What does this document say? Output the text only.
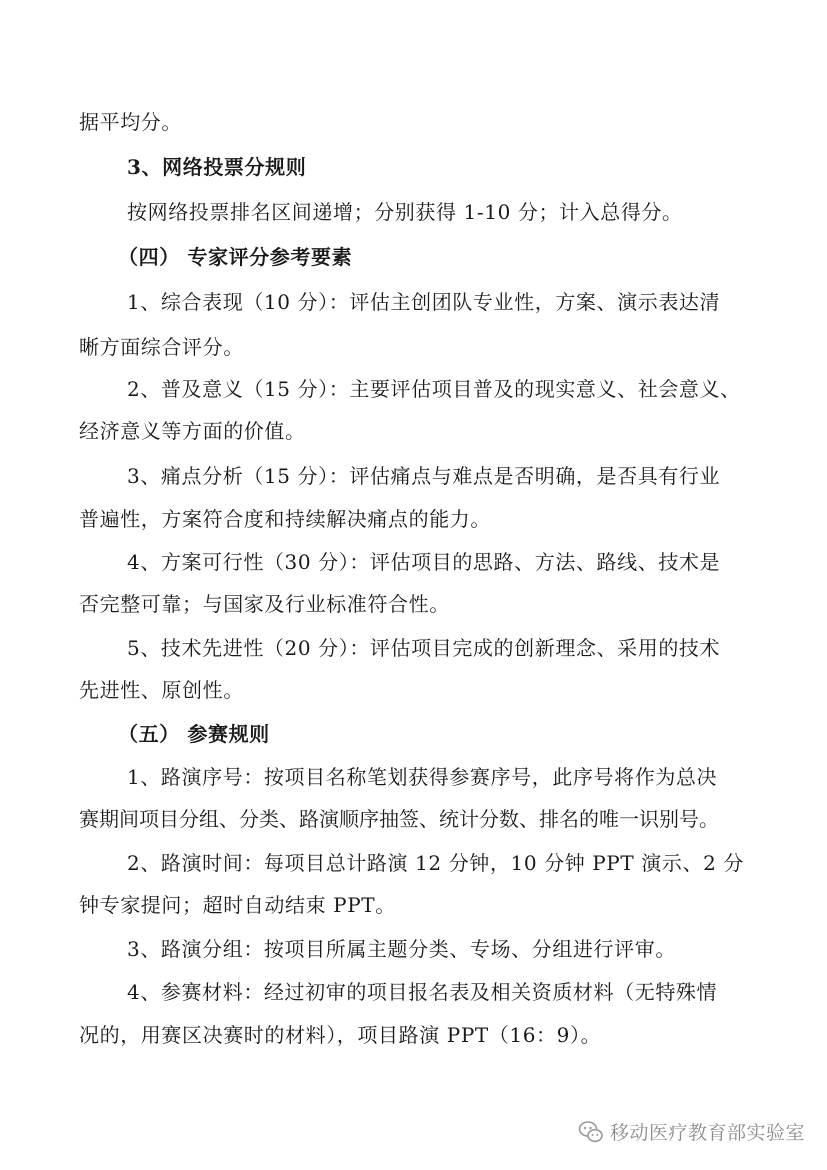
据平均分。
3、网络投票分规则
按网络投票排名区间递增；分别获得 1-10 分；计入总得分。
（四） 专家评分参考要素
1、综合表现（10 分）：评估主创团队专业性，方案、演示表达清
晰方面综合评分。
2、普及意义（15 分）：主要评估项目普及的现实意义、社会意义、
经济意义等方面的价值。
3、痛点分析（15 分）：评估痛点与难点是否明确，是否具有行业
普遍性，方案符合度和持续解决痛点的能力。
4、方案可行性（30 分）：评估项目的思路、方法、路线、技术是
否完整可靠；与国家及行业标准符合性。
5、技术先进性（20 分）：评估项目完成的创新理念、采用的技术
先进性、原创性。
（五） 参赛规则
1、路演序号：按项目名称笔划获得参赛序号，此序号将作为总决
赛期间项目分组、分类、路演顺序抽签、统计分数、排名的唯一识别号。
2、路演时间：每项目总计路演 12 分钟，10 分钟 PPT 演示、2 分
钟专家提问；超时自动结束 PPT。
3、路演分组：按项目所属主题分类、专场、分组进行评审。
4、参赛材料：经过初审的项目报名表及相关资质材料（无特殊情
况的，用赛区决赛时的材料），项目路演 PPT（16：9）。
移动医疗教育部实验室
